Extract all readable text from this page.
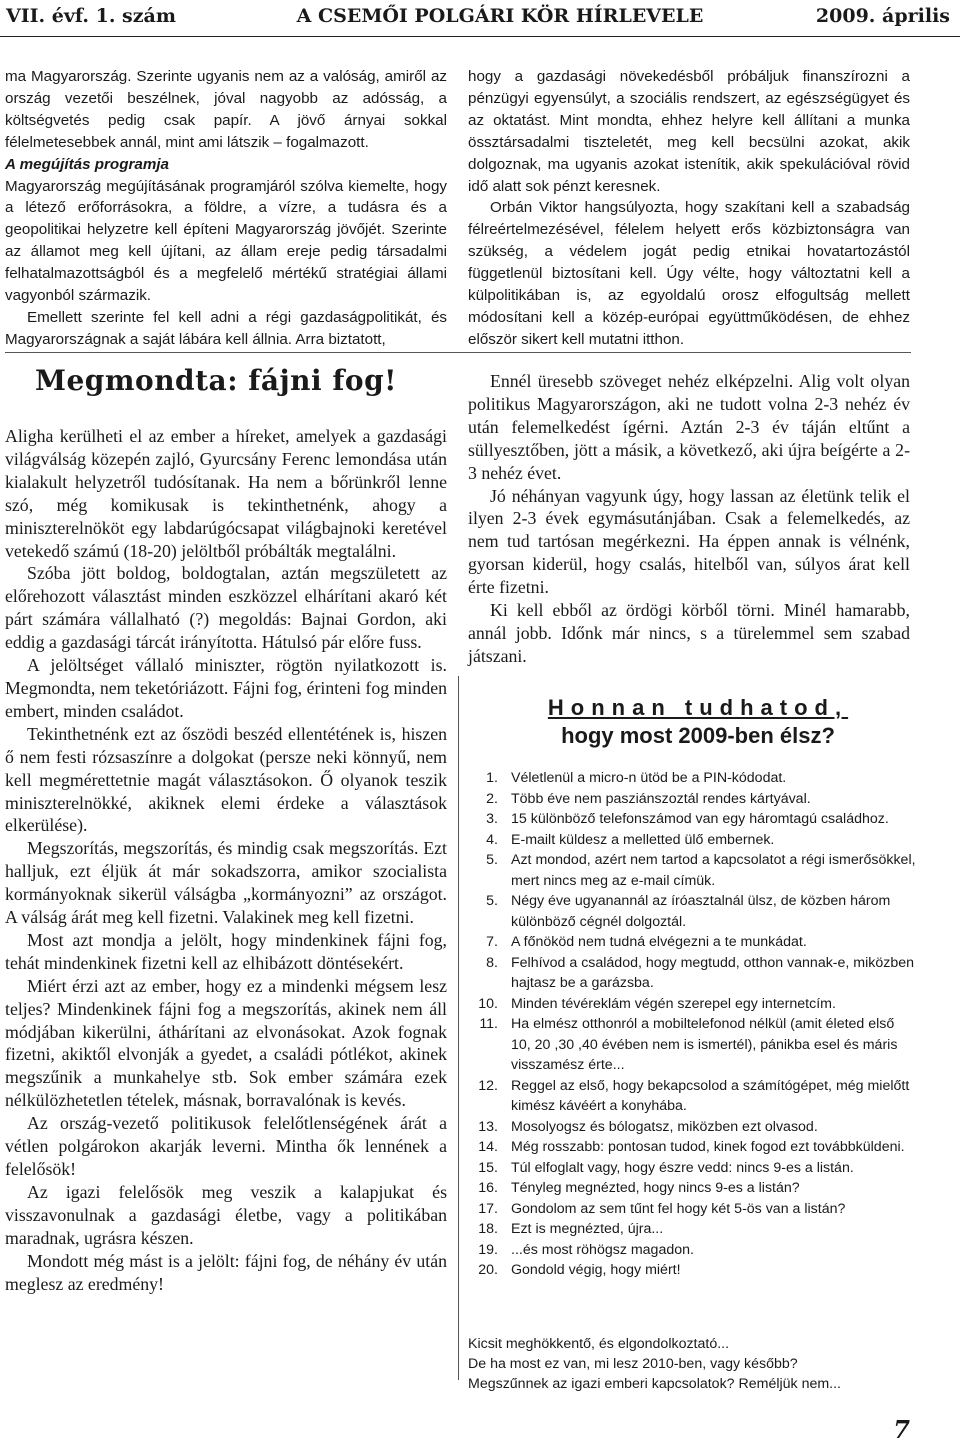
VII. évf. 1. szám	A CSEMŐI POLGÁRI KÖR HÍRLEVELE	2009. április

ma Magyarország. Szerinte ugyanis nem az a valóság, amiről az ország vezetői beszélnek, jóval nagyobb az adósság, a költségvetés pedig csak papír. A jövő árnyai sokkal félelmetesebbek annál, mint ami látszik – fogalmazott.

A megújítás programja

Magyarország megújításának programjáról szólva kiemelte, hogy a létező erőforrásokra, a földre, a vízre, a tudásra és a geopolitikai helyzetre kell építeni Magyarország jövőjét. Szerinte az államot meg kell újítani, az állam ereje pedig társadalmi felhatalmazottságból és a megfelelő mértékű stratégiai állami vagyonból származik.

Emellett szerinte fel kell adni a régi gazdaságpolitikát, és Magyarországnak a saját lábára kell állnia. Arra biztatott,

hogy a gazdasági növekedésből próbáljuk finanszírozni a pénzügyi egyensúlyt, a szociális rendszert, az egészségügyet és az oktatást. Mint mondta, ehhez helyre kell állítani a munka össztársadalmi tiszteletét, meg kell becsülni azokat, akik dolgoznak, ma ugyanis azokat istenítik, akik spekulációval rövid idő alatt sok pénzt keresnek.

Orbán Viktor hangsúlyozta, hogy szakítani kell a szabadság félreértelmezésével, félelem helyett erős közbiztonságra van szükség, a védelem jogát pedig etnikai hovatartozástól függetlenül biztosítani kell. Úgy vélte, hogy változtatni kell a külpolitikában is, az egyoldalú orosz elfogultság mellett módosítani kell a közép-európai együttműködésen, de ehhez először sikert kell mutatni itthon.

Megmondta: fájni fog!

Aligha kerülheti el az ember a híreket, amelyek a gazdasági világválság közepén zajló, Gyurcsány Ferenc lemondása után kialakult helyzetről tudósítanak. Ha nem a bőrünkről lenne szó, még komikusak is tekinthetnénk, ahogy a miniszterelnököt egy labdarúgócsapat világbajnoki keretével vetekedő számú (18-20) jelöltből próbálták megtalálni.

Szóba jött boldog, boldogtalan, aztán megszületett az előrehozott választást minden eszközzel elhárítani akaró két párt számára vállalható (?) megoldás: Bajnai Gordon, aki eddig a gazdasági tárcát irányította. Hátulsó pár előre fuss.

A jelöltséget vállaló miniszter, rögtön nyilatkozott is. Megmondta, nem teketóriázott. Fájni fog, érinteni fog minden embert, minden családot.

Tekinthetnénk ezt az őszödi beszéd ellentétének is, hiszen ő nem festi rózsaszínre a dolgokat (persze neki könnyű, nem kell megmérettetnie magát választásokon. Ő olyanok teszik miniszterelnökké, akiknek elemi érdeke a választások elkerülése).

Megszorítás, megszorítás, és mindig csak megszorítás. Ezt halljuk, ezt éljük át már sokadszorra, amikor szocialista kormányoknak sikerül válságba „kormányozni” az országot. A válság árát meg kell fizetni. Valakinek meg kell fizetni.

Most azt mondja a jelölt, hogy mindenkinek fájni fog, tehát mindenkinek fizetni kell az elhibázott döntésekért.

Miért érzi azt az ember, hogy ez a mindenki mégsem lesz teljes? Mindenkinek fájni fog a megszorítás, akinek nem áll módjában kikerülni, áthárítani az elvonásokat. Azok fognak fizetni, akiktől elvonják a gyedet, a családi pótlékot, akinek megszűnik a munkahelye stb. Sok ember számára ezek nélkülözhetetlen tételek, másnak, borravalónak is kevés.

Az ország-vezető politikusok felelőtlenségének árát a vétlen polgárokon akarják leverni. Mintha ők lennének a felelősök!

Az igazi felelősök meg veszik a kalapjukat és visszavonulnak a gazdasági életbe, vagy a politikában maradnak, ugrásra készen.

Mondott még mást is a jelölt: fájni fog, de néhány év után meglesz az eredmény!

Ennél üresebb szöveget nehéz elképzelni. Alig volt olyan politikus Magyarországon, aki ne tudott volna 2-3 nehéz év után felemelkedést ígérni. Aztán 2-3 év táján eltűnt a süllyesztőben, jött a másik, a következő, aki újra beígérte a 2-3 nehéz évet.

Jó néhányan vagyunk úgy, hogy lassan az életünk telik el ilyen 2-3 évek egymásutánjában. Csak a felemelkedés, az nem tud tartósan megérkezni. Ha éppen annak is vélnénk, gyorsan kiderül, hogy csalás, hitelből van, súlyos árat kell érte fizetni.

Ki kell ebből az ördögi körből törni. Minél hamarabb, annál jobb. Időnk már nincs, s a türelemmel sem szabad játszani.

Honnan tudhatod,
hogy most 2009-ben élsz?
1. Véletlenül a micro-n ütöd be a PIN-kódodat.
2. Több éve nem pasziánszoztál rendes kártyával.
3. 15 különböző telefonszámod van egy háromtagú családhoz.
4. E-mailt küldesz a melletted ülő embernek.
5. Azt mondod, azért nem tartod a kapcsolatot a régi ismerősökkel, mert nincs meg az e-mail címük.
5. Négy éve ugyanannál az íróasztalnál ülsz, de közben három különböző cégnél dolgoztál.
7. A főnököd nem tudná elvégezni a te munkádat.
8. Felhívod a családod, hogy megtudd, otthon vannak-e, miközben hajtasz be a garázsba.
10. Minden tévéreklám végén szerepel egy internetcím.
11. Ha elmész otthonról a mobiltelefonod nélkül (amit életed első 10, 20 ,30 ,40 évében nem is ismertél), pánikba esel és máris visszamész érte...
12. Reggel az első, hogy bekapcsolod a számítógépet, még mielőtt kimész kávéért a konyhába.
13. Mosolyogsz és bólogatsz, miközben ezt olvasod.
14. Még rosszabb: pontosan tudod, kinek fogod ezt továbbküldeni.
15. Túl elfoglalt vagy, hogy észre vedd: nincs 9-es a listán.
16. Tényleg megnézted, hogy nincs 9-es a listán?
17. Gondolom az sem tűnt fel hogy két 5-ös van a listán?
18. Ezt is megnézted, újra...
19. ...és most röhögsz magadon.
20. Gondold végig, hogy miért!

Kicsit meghökkentő, és elgondolkoztató...

De ha most ez van, mi lesz 2010-ben, vagy később?

Megszűnnek az igazi emberi kapcsolatok? Reméljük nem...

7
